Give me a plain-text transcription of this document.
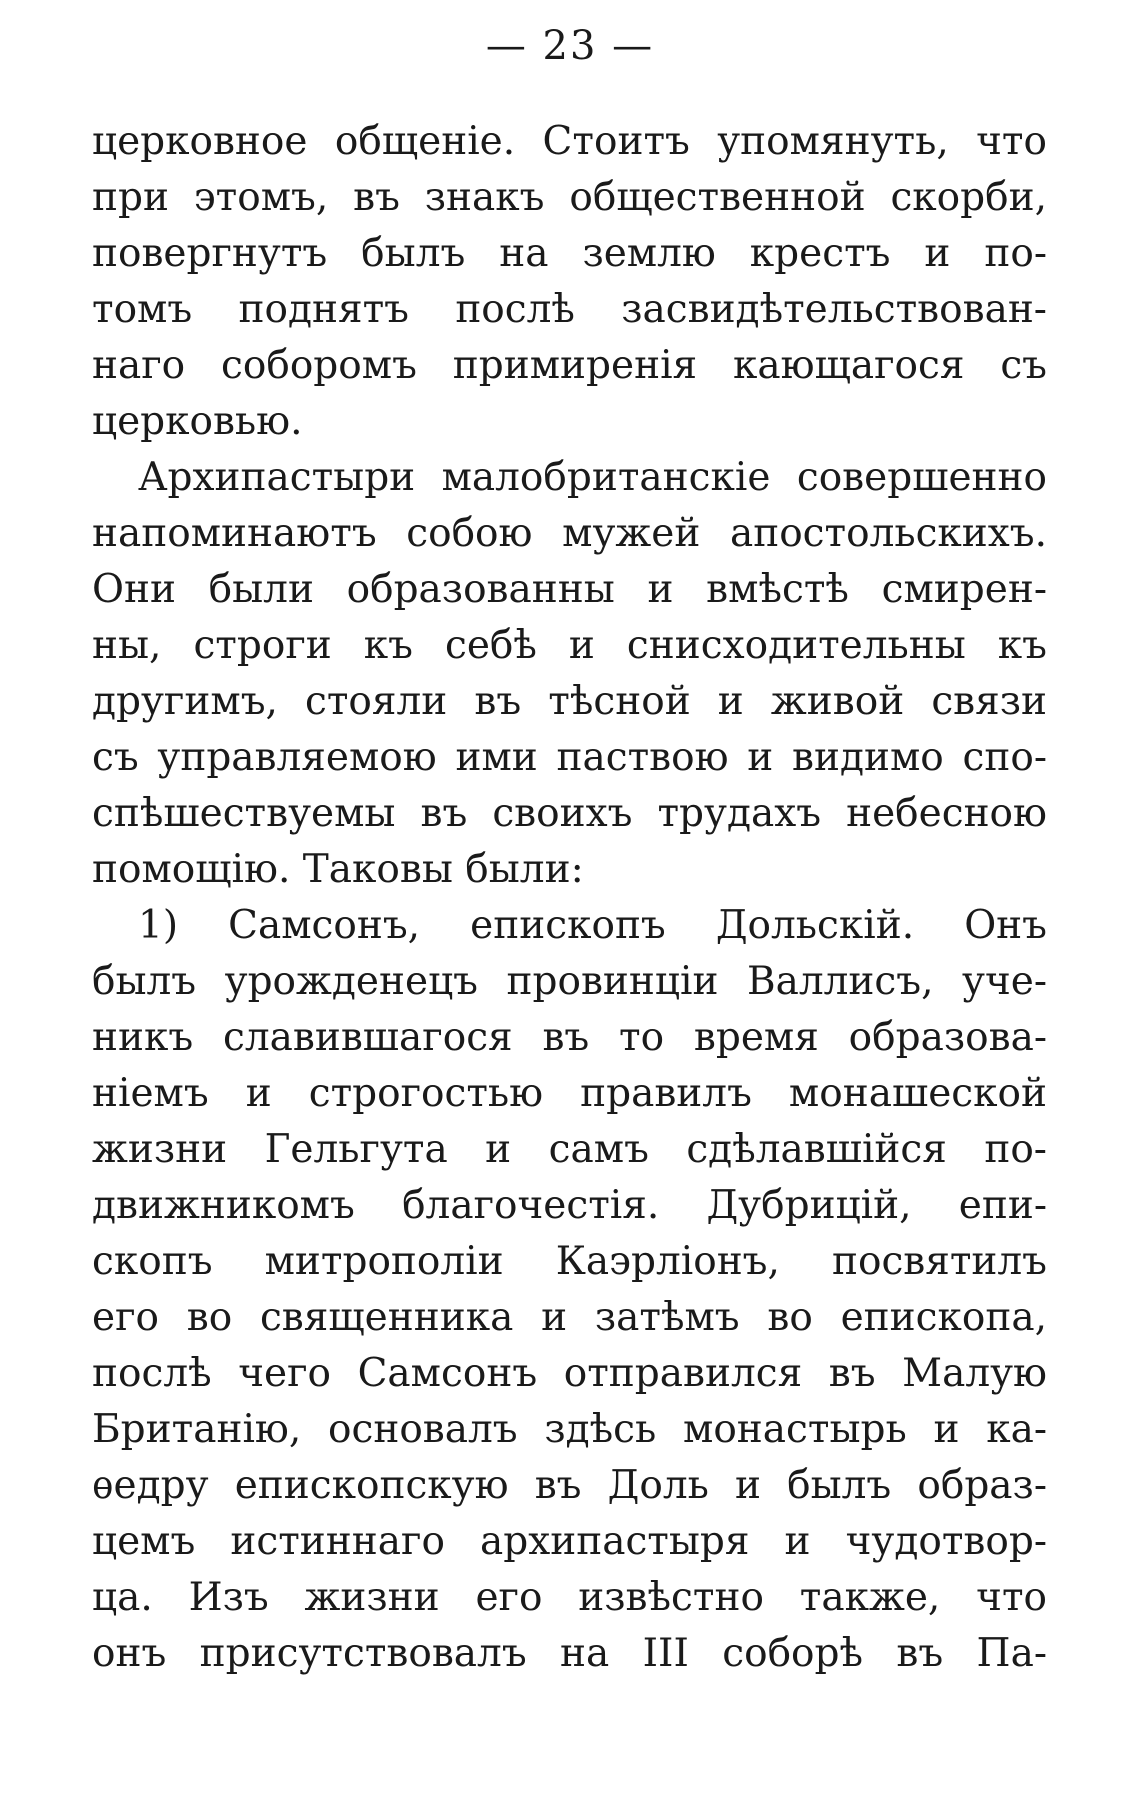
— 23 —
церковное общеніе. Стоитъ упомянуть, что
при этомъ, въ знакъ общественной скорби,
повергнутъ былъ на землю крестъ и по-
томъ поднятъ послѣ засвидѣтельствован-
наго соборомъ примиренія кающагося съ
церковью.
Архипастыри малобританскіе совершенно
напоминаютъ собою мужей апостольскихъ.
Они были образованны и вмѣстѣ смирен-
ны, строги къ себѣ и снисходительны къ
другимъ, стояли въ тѣсной и живой связи
съ управляемою ими паствою и видимо спо-
спѣшествуемы въ своихъ трудахъ небесною
помощію. Таковы были:
1) Самсонъ, епископъ Дольскій. Онъ
былъ урожденецъ провинціи Валлисъ, уче-
никъ славившагося въ то время образова-
ніемъ и строгостью правилъ монашеской
жизни Гельгута и самъ сдѣлавшійся по-
движникомъ благочестія. Дубрицій, епи-
скопъ митрополіи Каэрліонъ, посвятилъ
его во священника и затѣмъ во епископа,
послѣ чего Самсонъ отправился въ Малую
Британію, основалъ здѣсь монастырь и ка-
ѳедру епископскую въ Доль и былъ образ-
цемъ истиннаго архипастыря и чудотвор-
ца. Изъ жизни его извѣстно также, что
онъ присутствовалъ на III соборѣ въ Па-
